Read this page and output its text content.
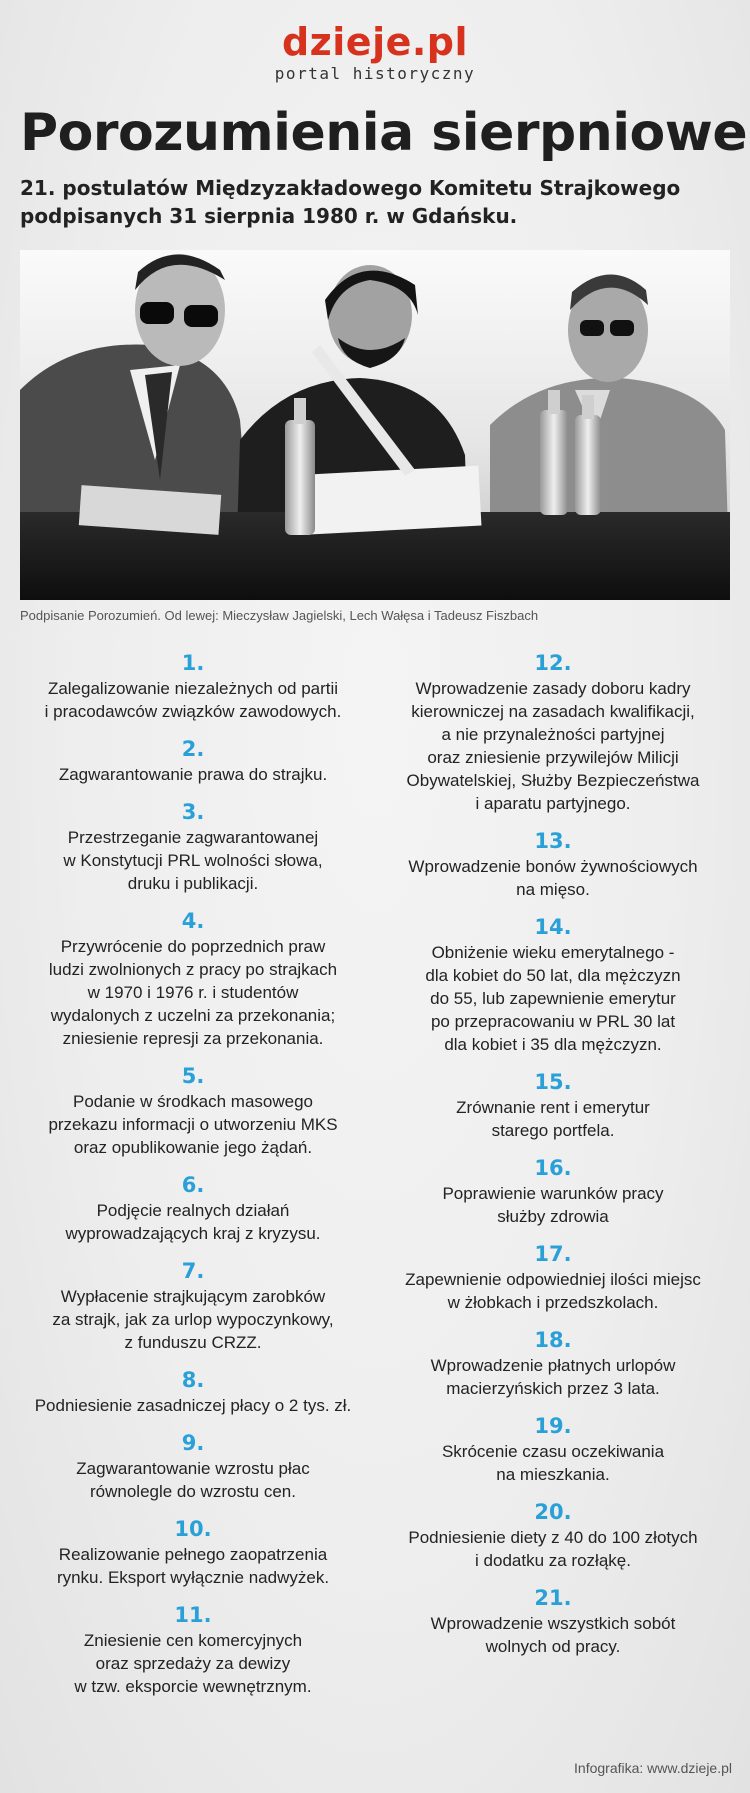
dzieje.pl
portal historyczny
Porozumienia sierpniowe
21. postulatów Międzyzakładowego Komitetu Strajkowego
podpisanych 31 sierpnia 1980 r. w Gdańsku.
Podpisanie Porozumień. Od lewej: Mieczysław Jagielski, Lech Wałęsa i Tadeusz Fiszbach
1.
Zalegalizowanie niezależnych od partii
i pracodawców związków zawodowych.
2.
Zagwarantowanie prawa do strajku.
3.
Przestrzeganie zagwarantowanej
w Konstytucji PRL wolności słowa,
druku i publikacji.
4.
Przywrócenie do poprzednich praw
ludzi zwolnionych z pracy po strajkach
w 1970 i 1976 r. i studentów
wydalonych z uczelni za przekonania;
zniesienie represji za przekonania.
5.
Podanie w środkach masowego
przekazu informacji o utworzeniu MKS
oraz opublikowanie jego żądań.
6.
Podjęcie realnych działań
wyprowadzających kraj z kryzysu.
7.
Wypłacenie strajkującym zarobków
za strajk, jak za urlop wypoczynkowy,
z funduszu CRZZ.
8.
Podniesienie zasadniczej płacy o 2 tys. zł.
9.
Zagwarantowanie wzrostu płac
równolegle do wzrostu cen.
10.
Realizowanie pełnego zaopatrzenia
rynku. Eksport wyłącznie nadwyżek.
11.
Zniesienie cen komercyjnych
oraz sprzedaży za dewizy
w tzw. eksporcie wewnętrznym.
12.
Wprowadzenie zasady doboru kadry
kierowniczej na zasadach kwalifikacji,
a nie przynależności partyjnej
oraz zniesienie przywilejów Milicji
Obywatelskiej, Służby Bezpieczeństwa
i aparatu partyjnego.
13.
Wprowadzenie bonów żywnościowych
na mięso.
14.
Obniżenie wieku emerytalnego -
dla kobiet do 50 lat, dla mężczyzn
do 55, lub zapewnienie emerytur
po przepracowaniu w PRL 30 lat
dla kobiet i 35 dla mężczyzn.
15.
Zrównanie rent i emerytur
starego portfela.
16.
Poprawienie warunków pracy
służby zdrowia
17.
Zapewnienie odpowiedniej ilości miejsc
w żłobkach i przedszkolach.
18.
Wprowadzenie płatnych urlopów
macierzyńskich przez 3 lata.
19.
Skrócenie czasu oczekiwania
na mieszkania.
20.
Podniesienie diety z 40 do 100 złotych
i dodatku za rozłąkę.
21.
Wprowadzenie wszystkich sobót
wolnych od pracy.
Infografika: www.dzieje.pl
